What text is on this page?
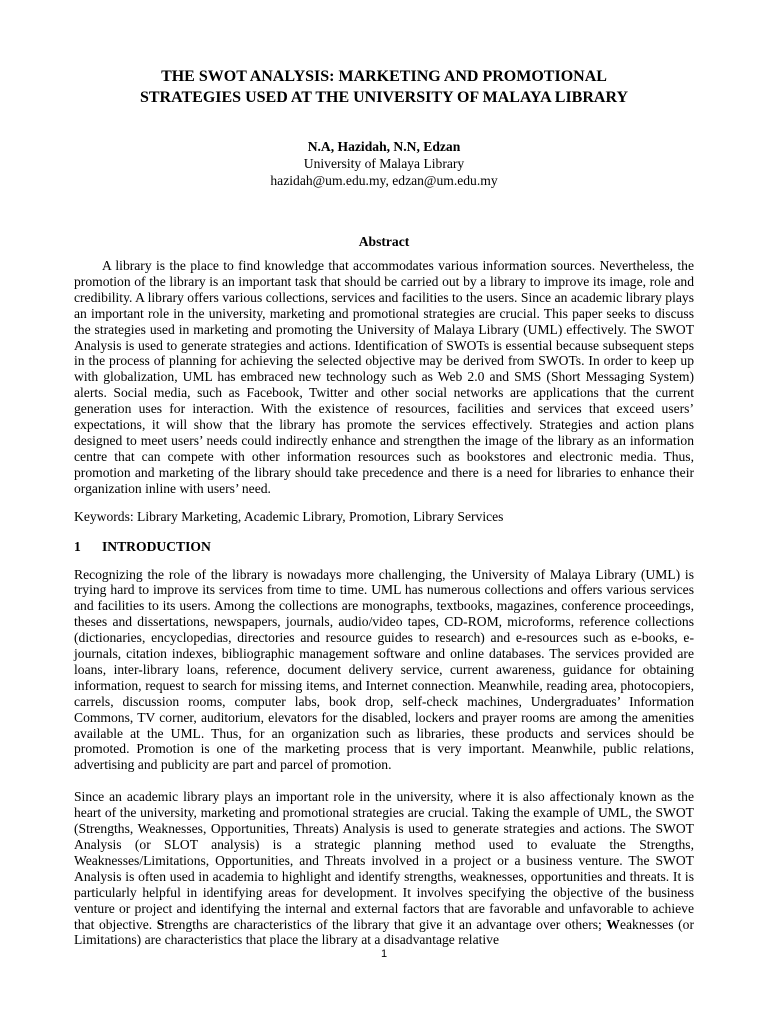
THE SWOT ANALYSIS: MARKETING AND PROMOTIONAL
STRATEGIES USED AT THE UNIVERSITY OF MALAYA LIBRARY
N.A, Hazidah, N.N, Edzan
University of Malaya Library
hazidah@um.edu.my, edzan@um.edu.my
Abstract

A library is the place to find knowledge that accommodates various information sources. Nevertheless, the promotion of the library is an important task that should be carried out by a library to improve its image, role and credibility. A library offers various collections, services and facilities to the users. Since an academic library plays an important role in the university, marketing and promotional strategies are crucial. This paper seeks to discuss the strategies used in marketing and promoting the University of Malaya Library (UML) effectively. The SWOT Analysis is used to generate strategies and actions. Identification of SWOTs is essential because subsequent steps in the process of planning for achieving the selected objective may be derived from SWOTs. In order to keep up with globalization, UML has embraced new technology such as Web 2.0 and SMS (Short Messaging System) alerts. Social media, such as Facebook, Twitter and other social networks are applications that the current generation uses for interaction. With the existence of resources, facilities and services that exceed users’ expectations, it will show that the library has promote the services effectively. Strategies and action plans designed to meet users’ needs could indirectly enhance and strengthen the image of the library as an information centre that can compete with other information resources such as bookstores and electronic media. Thus, promotion and marketing of the library should take precedence and there is a need for libraries to enhance their organization inline with users’ need.

Keywords: Library Marketing, Academic Library, Promotion, Library Services

1 INTRODUCTION

Recognizing the role of the library is nowadays more challenging, the University of Malaya Library (UML) is trying hard to improve its services from time to time. UML has numerous collections and offers various services and facilities to its users. Among the collections are monographs, textbooks, magazines, conference proceedings, theses and dissertations, newspapers, journals, audio/video tapes, CD-ROM, microforms, reference collections (dictionaries, encyclopedias, directories and resource guides to research) and e-resources such as e-books, e-journals, citation indexes, bibliographic management software and online databases. The services provided are loans, inter-library loans, reference, document delivery service, current awareness, guidance for obtaining information, request to search for missing items, and Internet connection. Meanwhile, reading area, photocopiers, carrels, discussion rooms, computer labs, book drop, self-check machines, Undergraduates’ Information Commons, TV corner, auditorium, elevators for the disabled, lockers and prayer rooms are among the amenities available at the UML. Thus, for an organization such as libraries, these products and services should be promoted. Promotion is one of the marketing process that is very important. Meanwhile, public relations, advertising and publicity are part and parcel of promotion.

Since an academic library plays an important role in the university, where it is also affectionaly known as the heart of the university, marketing and promotional strategies are crucial. Taking the example of UML, the SWOT (Strengths, Weaknesses, Opportunities, Threats) Analysis is used to generate strategies and actions. The SWOT Analysis (or SLOT analysis) is a strategic planning method used to evaluate the Strengths, Weaknesses/Limitations, Opportunities, and Threats involved in a project or a business venture. The SWOT Analysis is often used in academia to highlight and identify strengths, weaknesses, opportunities and threats. It is particularly helpful in identifying areas for development. It involves specifying the objective of the business venture or project and identifying the internal and external factors that are favorable and unfavorable to achieve that objective. Strengths are characteristics of the library that give it an advantage over others; Weaknesses (or Limitations) are characteristics that place the library at a disadvantage relative

1
